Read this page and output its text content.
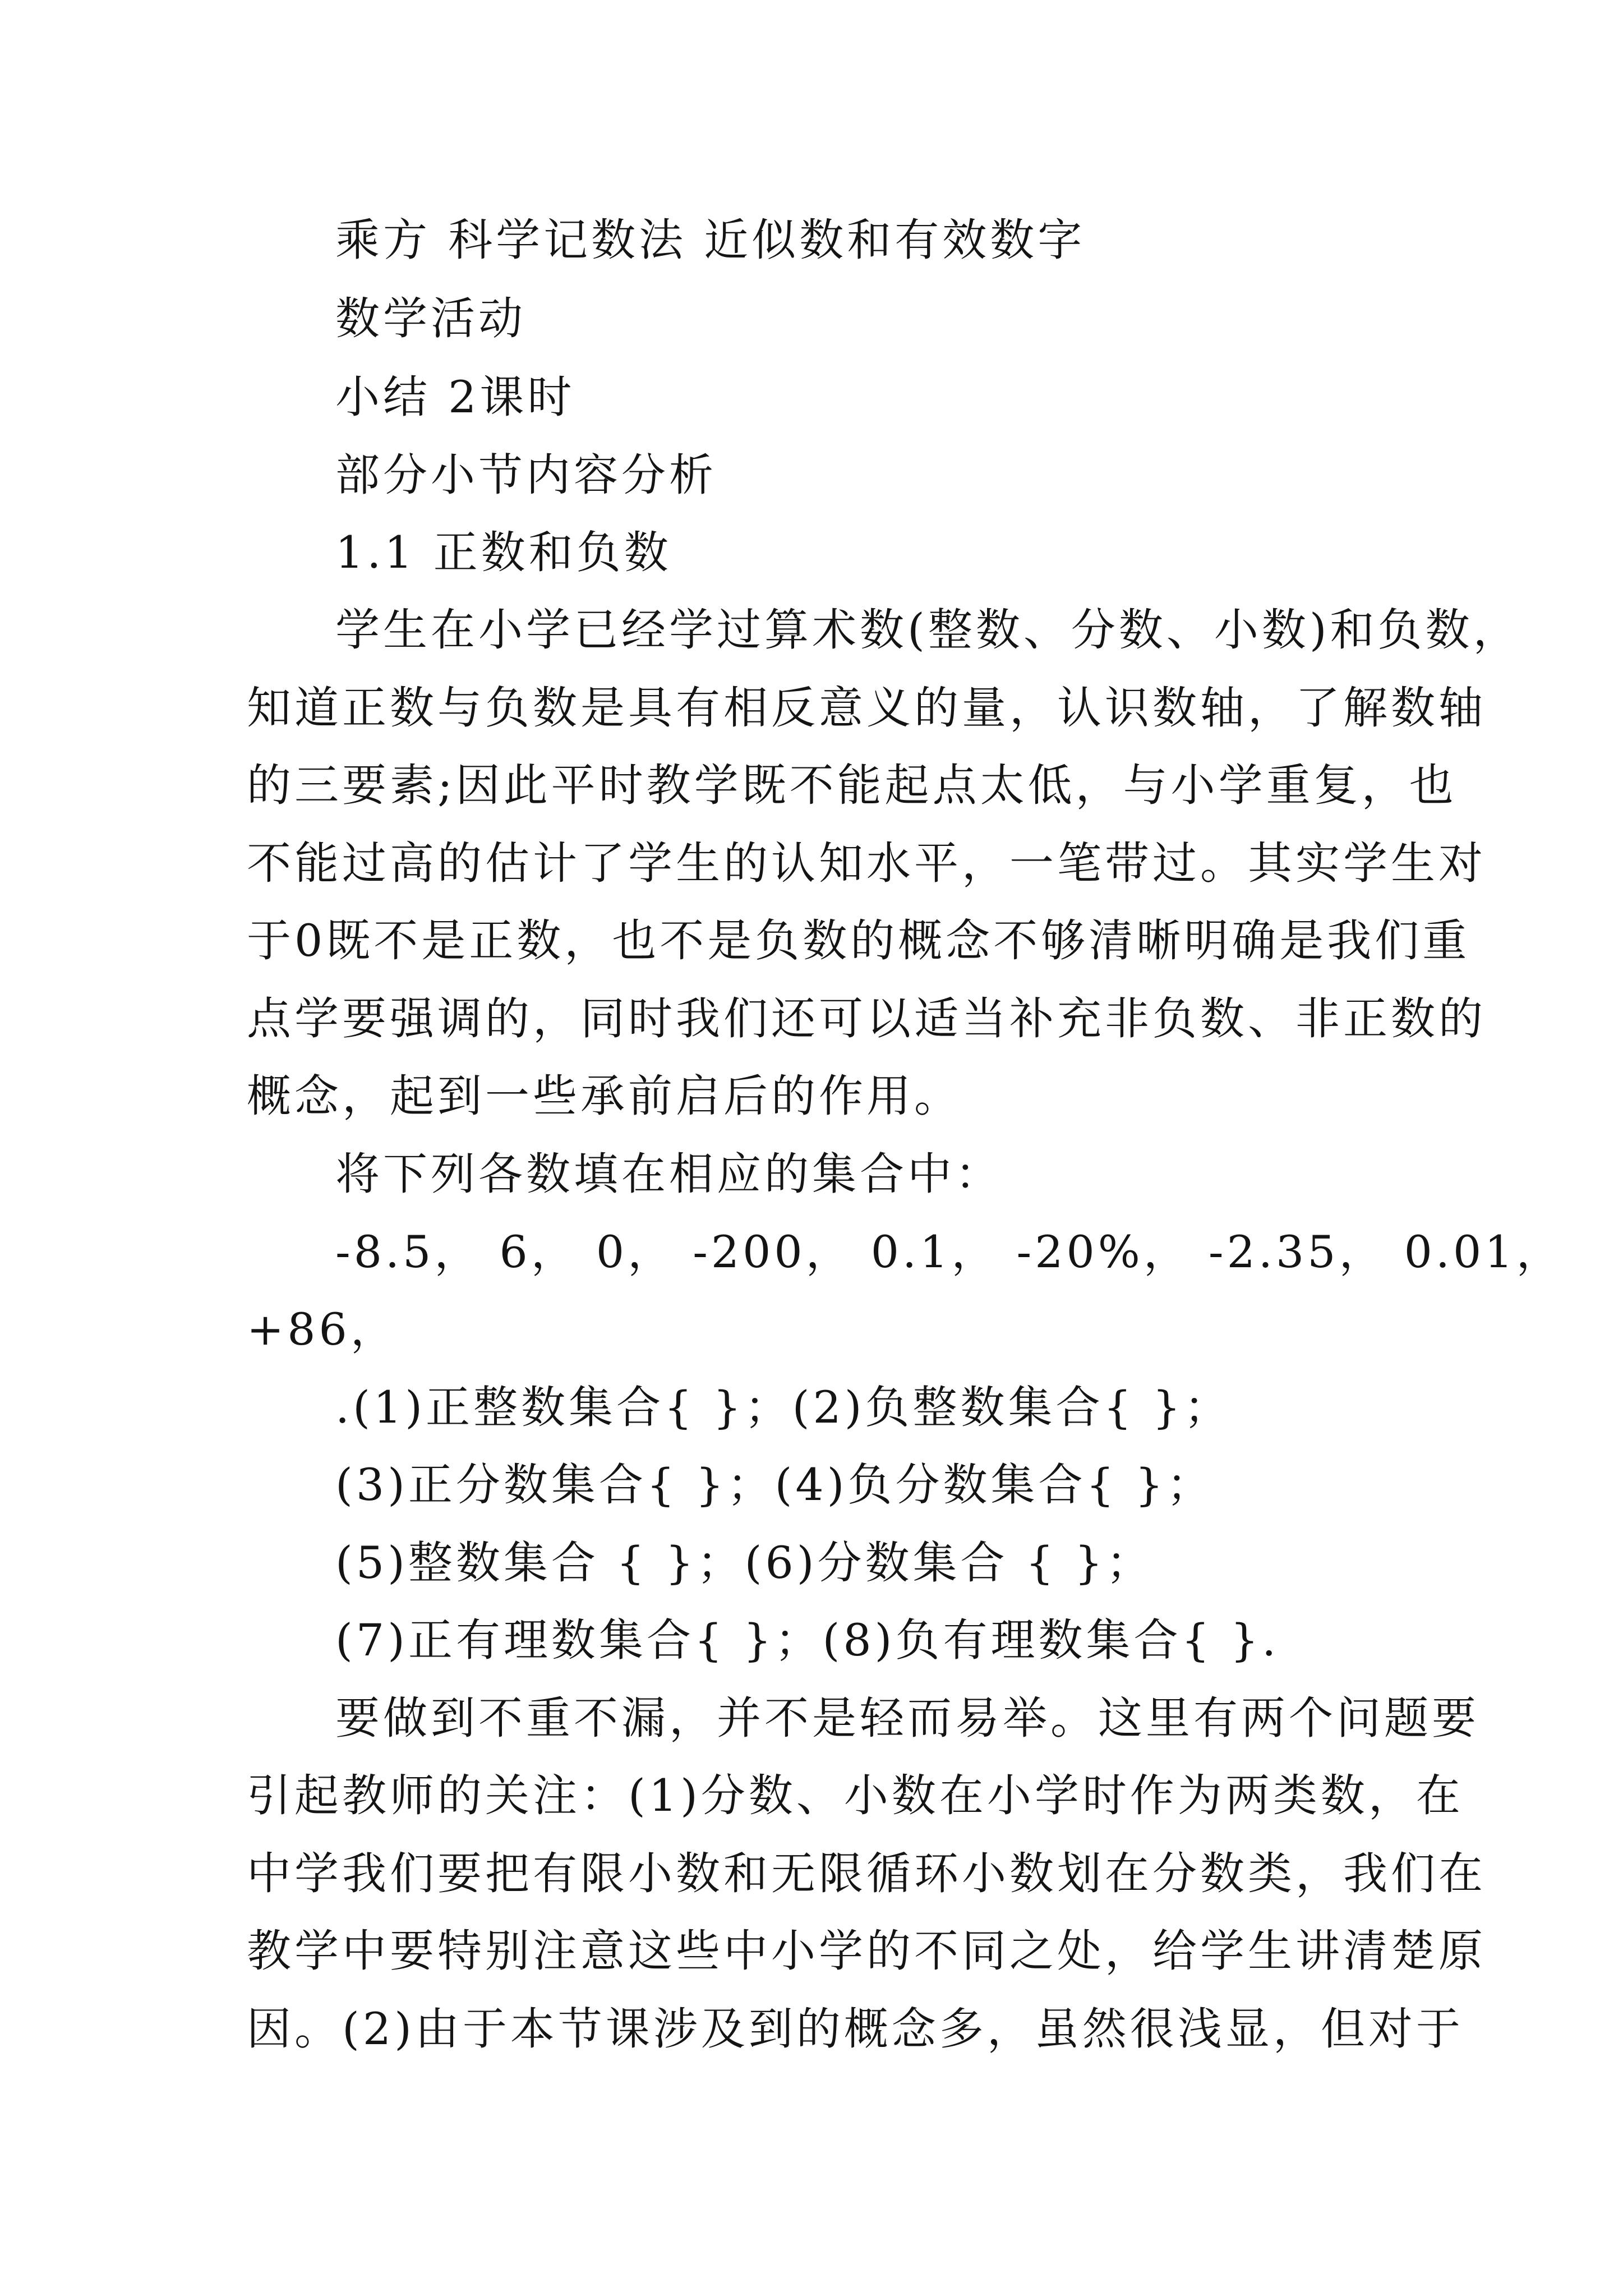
乘方 科学记数法 近似数和有效数字
数学活动
小结 2课时
部分小节内容分析
1.1 正数和负数
学生在小学已经学过算术数(整数、分数、小数)和负数，
知道正数与负数是具有相反意义的量，认识数轴，了解数轴
的三要素;因此平时教学既不能起点太低，与小学重复，也
不能过高的估计了学生的认知水平，一笔带过。其实学生对
于0既不是正数，也不是负数的概念不够清晰明确是我们重
点学要强调的，同时我们还可以适当补充非负数、非正数的
概念，起到一些承前启后的作用。
将下列各数填在相应的集合中：
-8.5， 6， 0， -200， 0.1， -20%， -2.35， 0.01，
+86，
.(1)正整数集合{ }；(2)负整数集合{ }；
(3)正分数集合{ }；(4)负分数集合{ }；
(5)整数集合 { }；(6)分数集合 { }；
(7)正有理数集合{ }；(8)负有理数集合{ }.
要做到不重不漏，并不是轻而易举。这里有两个问题要
引起教师的关注：(1)分数、小数在小学时作为两类数，在
中学我们要把有限小数和无限循环小数划在分数类，我们在
教学中要特别注意这些中小学的不同之处，给学生讲清楚原
因。(2)由于本节课涉及到的概念多，虽然很浅显，但对于
